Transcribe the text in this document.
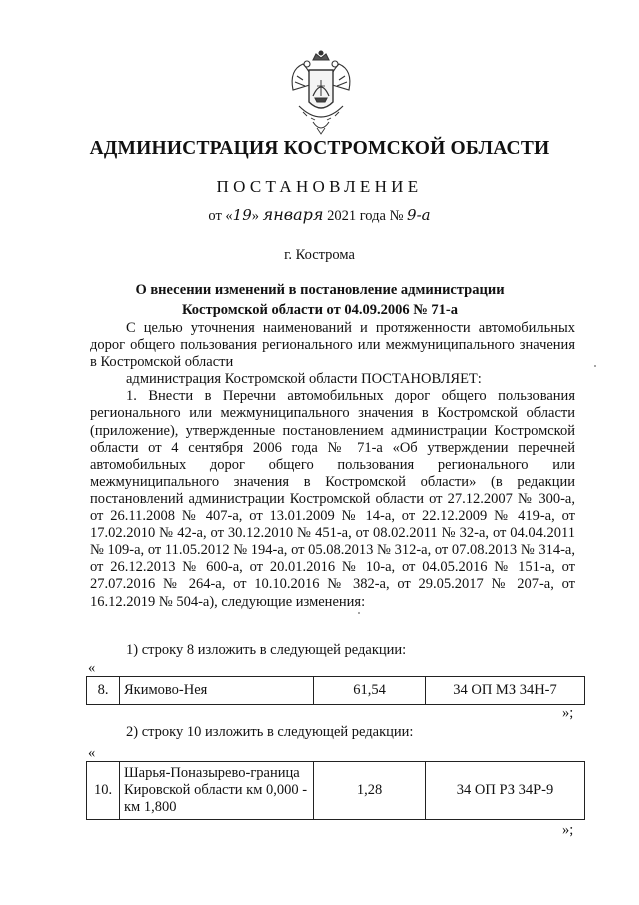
АДМИНИСТРАЦИЯ КОСТРОМСКОЙ ОБЛАСТИ
ПОСТАНОВЛЕНИЕ
от «19» января 2021 года № 9-а
г. Кострома
О внесении изменений в постановление администрации
Костромской области от 04.09.2006 № 71-а

С целью уточнения наименований и протяженности автомобильных дорог общего пользования регионального или межмуниципального значения в Костромской области

администрация Костромской области ПОСТАНОВЛЯЕТ:

1. Внести в Перечни автомобильных дорог общего пользования регионального или межмуниципального значения в Костромской области (приложение), утвержденные постановлением администрации Костромской области от 4 сентября 2006 года № 71-а «Об утверждении перечней автомобильных дорог общего пользования регионального или межмуниципального значения в Костромской области» (в редакции постановлений администрации Костромской области от 27.12.2007 № 300-а, от 26.11.2008 № 407-а, от 13.01.2009 № 14-а, от 22.12.2009 № 419-а, от 17.02.2010 № 42-а, от 30.12.2010 № 451-а, от 08.02.2011 № 32-а, от 04.04.2011 № 109-а, от 11.05.2012 № 194-а, от 05.08.2013 № 312-а, от 07.08.2013 № 314-а, от 26.12.2013 № 600-а, от 20.01.2016 № 10-а, от 04.05.2016 № 151-а, от 27.07.2016 № 264-а, от 10.10.2016 № 382-а, от 29.05.2017 № 207-а, от 16.12.2019 № 504-а), следующие изменения:

1) строку 8 изложить в следующей редакции:
«
8.	Якимово-Нея	61,54	34 ОП МЗ 34Н-7
»;
2) строку 10 изложить в следующей редакции:
«
10.	Шарья-Поназырево-граница Кировской области км 0,000 - км 1,800	1,28	34 ОП РЗ 34Р-9
»;
